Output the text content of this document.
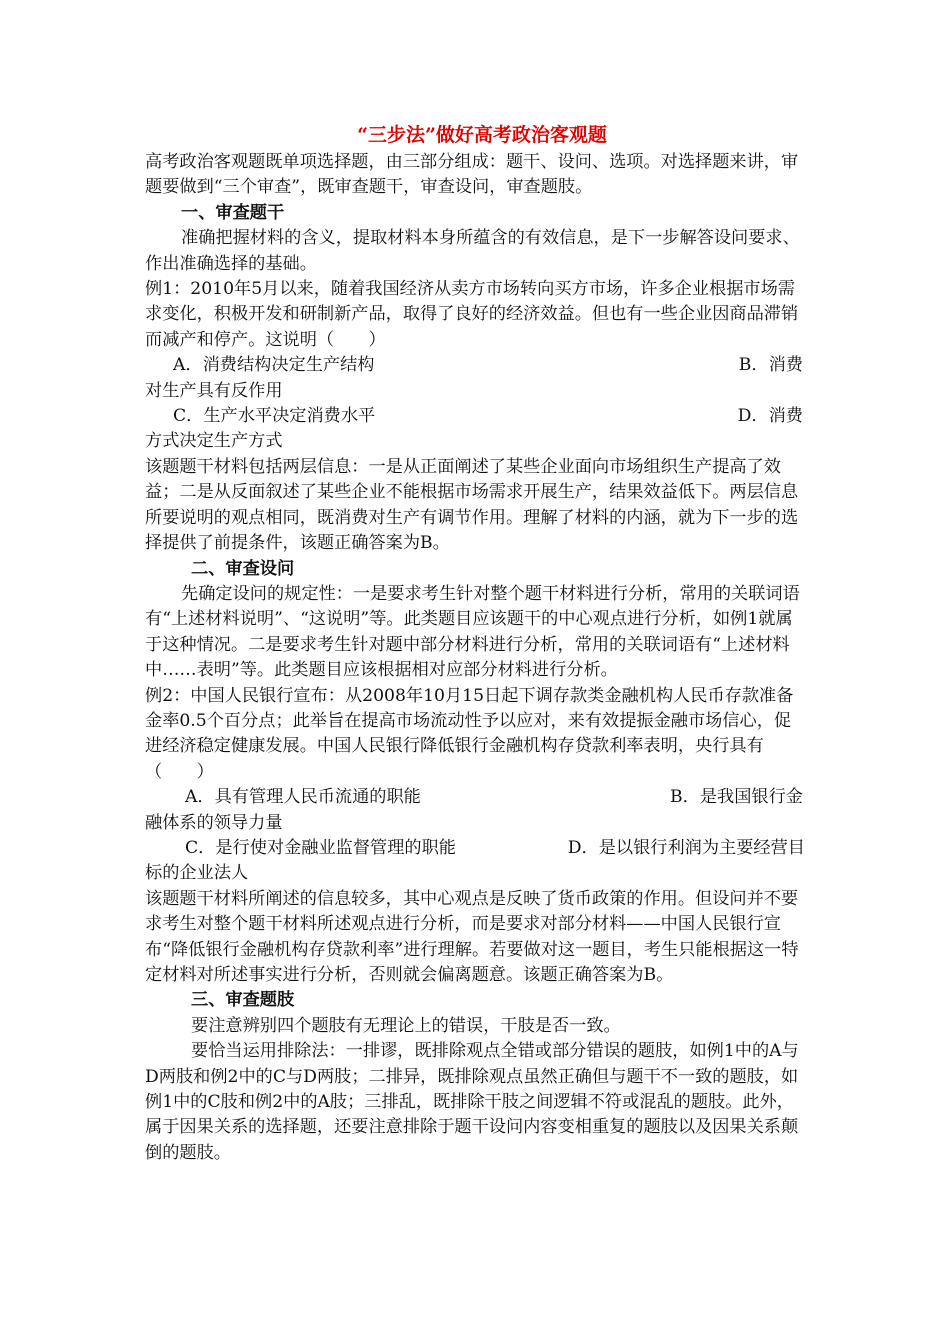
“三步法”做好高考政治客观题

高考政治客观题既单项选择题，由三部分组成：题干、设问、选项。对选择题来讲，审题要做到“三个审查”，既审查题干，审查设问，审查题肢。

一、审查题干

准确把握材料的含义，提取材料本身所蕴含的有效信息，是下一步解答设问要求、作出准确选择的基础。

例1：2010年5月以来，随着我国经济从卖方市场转向买方市场，许多企业根据市场需求变化，积极开发和研制新产品，取得了良好的经济效益。但也有一些企业因商品滞销而减产和停产。这说明（　　）

A．消费结构决定生产结构	B．消费

对生产具有反作用

C．生产水平决定消费水平	D．消费

方式决定生产方式

该题题干材料包括两层信息：一是从正面阐述了某些企业面向市场组织生产提高了效益；二是从反面叙述了某些企业不能根据市场需求开展生产，结果效益低下。两层信息所要说明的观点相同，既消费对生产有调节作用。理解了材料的内涵，就为下一步的选择提供了前提条件，该题正确答案为B。

二、审查设问

先确定设问的规定性：一是要求考生针对整个题干材料进行分析，常用的关联词语有“上述材料说明”、“这说明”等。此类题目应该题干的中心观点进行分析，如例1就属于这种情况。二是要求考生针对题中部分材料进行分析，常用的关联词语有“上述材料中……表明”等。此类题目应该根据相对应部分材料进行分析。

例2：中国人民银行宣布：从2008年10月15日起下调存款类金融机构人民币存款准备金率0.5个百分点；此举旨在提高市场流动性予以应对，来有效提振金融市场信心，促进经济稳定健康发展。中国人民银行降低银行金融机构存贷款利率表明，央行具有（　　）

A．具有管理人民币流通的职能	B．是我国银行金

融体系的领导力量

C．是行使对金融业监督管理的职能	D．是以银行利润为主要经营目

标的企业法人

该题题干材料所阐述的信息较多，其中心观点是反映了货币政策的作用。但设问并不要求考生对整个题干材料所述观点进行分析，而是要求对部分材料——中国人民银行宣布“降低银行金融机构存贷款利率”进行理解。若要做对这一题目，考生只能根据这一特定材料对所述事实进行分析，否则就会偏离题意。该题正确答案为B。

三、审查题肢

要注意辨别四个题肢有无理论上的错误，干肢是否一致。

要恰当运用排除法：一排谬，既排除观点全错或部分错误的题肢，如例1中的A与D两肢和例2中的C与D两肢；二排异，既排除观点虽然正确但与题干不一致的题肢，如例1中的C肢和例2中的A肢；三排乱，既排除干肢之间逻辑不符或混乱的题肢。此外，属于因果关系的选择题，还要注意排除于题干设问内容变相重复的题肢以及因果关系颠倒的题肢。
